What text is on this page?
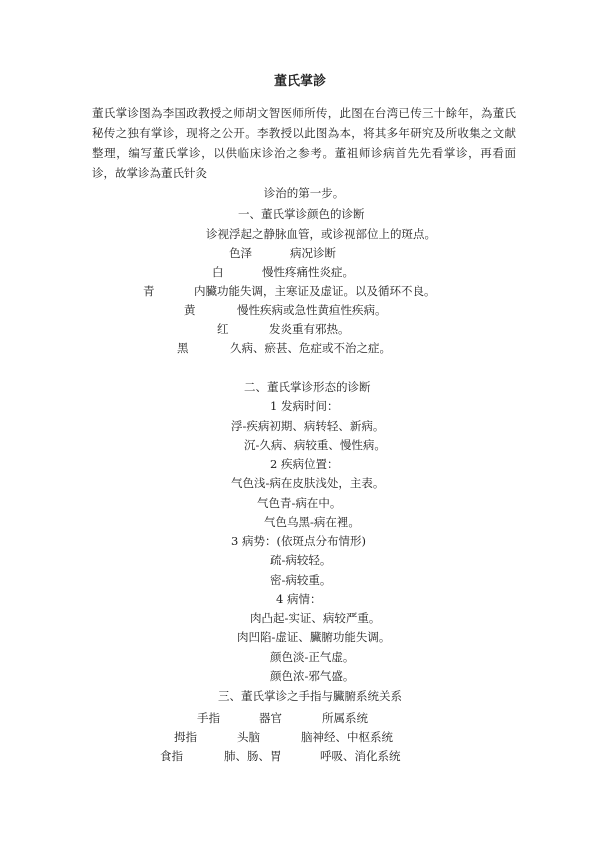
董氏掌診
董氏掌诊图為李国政教授之师胡文智医师所传，此图在台湾已传三十餘年，為董氏秘传之独有掌诊，现将之公开。李教授以此图為本，将其多年研究及所收集之文献整理，编写董氏掌诊，以供临床诊治之参考。董祖师诊病首先先看掌诊，再看面诊，故掌诊為董氏针灸
诊治的第一步。
一、董氏掌诊颜色的诊断
诊视浮起之静脉血管，或诊视部位上的斑点。
色泽	病况诊断
白	慢性疼痛性炎症。
青	内臟功能失调，主寒证及虚证。以及循环不良。
黄	慢性疾病或急性黄疸性疾病。
红	发炎重有邪热。
黑	久病、瘀甚、危症或不治之症。
二、董氏掌诊形态的诊断
1 发病时间：
浮-疾病初期、病转轻、新病。
沉-久病、病较重、慢性病。
2 疾病位置：
气色浅-病在皮肤浅处，主表。
气色青-病在中。
气色乌黑-病在裡。
3 病势：(依斑点分布情形)
疏-病较轻。
密-病较重。
4 病情：
肉凸起-实证、病较严重。
肉凹陷-虚证、臟腑功能失调。
颜色淡-正气虚。
颜色浓-邪气盛。
三、董氏掌诊之手指与臟腑系统关系
手指	器官	所属系统
拇指	头脑	脑神经、中枢系统
食指	肺、肠、胃	呼吸、消化系统
